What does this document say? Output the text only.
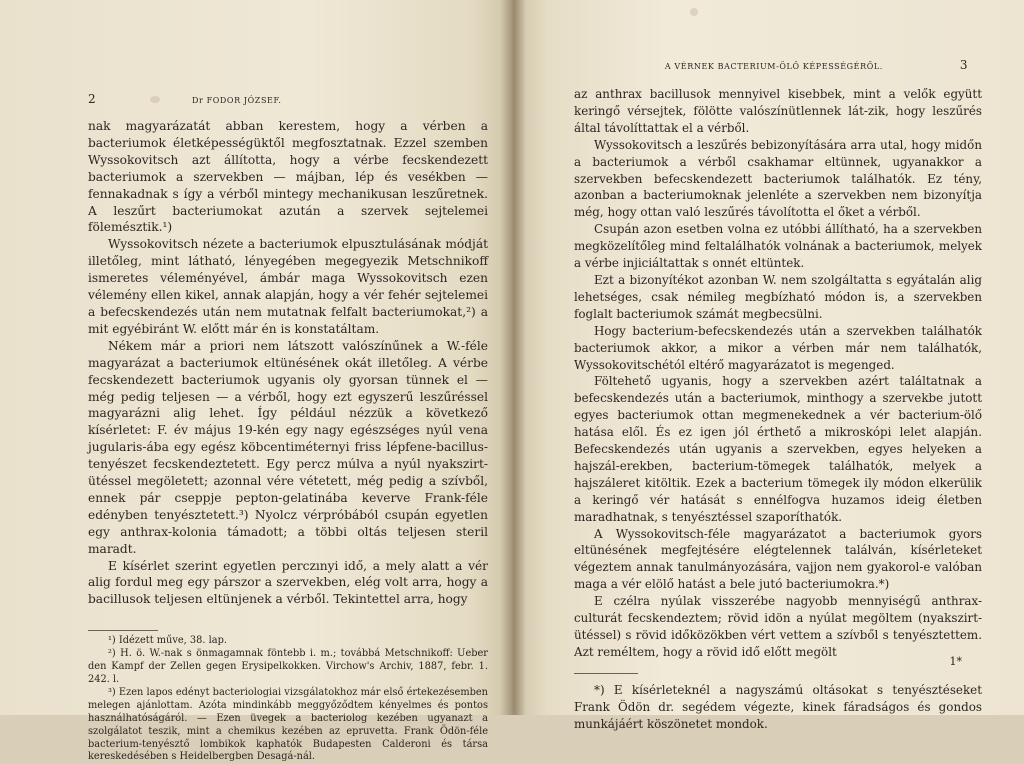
2	Dr FODOR JÓZSEF.

nak magyarázatát abban kerestem, hogy a vérben a bacteriumok életképességüktől megfosztatnak. Ezzel szemben Wyssokovitsch azt állította, hogy a vérbe fecskendezett bacteriumok a szervekben — májban, lép és vesékben — fennakadnak s így a vérből mintegy mechanikusan leszűretnek. A leszűrt bacteriumokat azután a szervek sejtelemei fölemésztik.¹)

Wyssokovitsch nézete a bacteriumok elpusztulásának módját illetőleg, mint látható, lényegében megegyezik Metschnikoff ismeretes véleményével, ámbár maga Wyssokovitsch ezen vélemény ellen kikel, annak alapján, hogy a vér fehér sejtelemei a befecskendezés után nem mutatnak felfalt bacteriumokat,²) a mit egyébiránt W. előtt már én is konstatáltam.

Nékem már a priori nem látszott valószínűnek a W.-féle magyarázat a bacteriumok eltünésének okát illetőleg. A vérbe fecskendezett bacteriumok ugyanis oly gyorsan tünnek el — még pedig teljesen — a vérből, hogy ezt egyszerű leszűréssel magyarázni alig lehet. Így például nézzük a következő kísérletet: F. év május 19-kén egy nagy egészséges nyúl vena jugularis-ába egy egész köbcentiméternyi friss lépfene-bacillus-tenyészet fecskendeztetett. Egy percz múlva a nyúl nyakszirt-ütéssel megöletett; azonnal vére vétetett, még pedig a szívből, ennek pár cseppje pepton-gelatinába keverve Frank-féle edényben tenyésztetett.³) Nyolcz vérpróbából csupán egyetlen egy anthrax-kolonia támadott; a többi oltás teljesen steril maradt.

E kísérlet szerint egyetlen perczınyi idő, a mely alatt a vér alig fordul meg egy párszor a szervekben, elég volt arra, hogy a bacillusok teljesen eltünjenek a vérből. Tekintettel arra, hogy

¹) Idézett műve, 38. lap.

²) H. ö. W.-nak s önmagamnak föntebb i. m.; továbbá Metschnikoff: Ueber den Kampf der Zellen gegen Erysipelkokken. Virchow's Archiv, 1887, febr. 1. 242. l.

³) Ezen lapos edényt bacteriologiai vizsgálatokhoz már első értekezésemben melegen ajánlottam. Azóta mindinkább meggyőződtem kényelmes és pontos használhatóságáról. — Ezen üvegek a bacteriolog kezében ugyanazt a szolgálatot teszik, mint a chemikus kezében az epruvetta. Frank Ödön-féle bacterium-tenyésztő lombikok kaphatók Budapesten Calderoni és társa kereskedésében s Heidelbergben Desagá-nál.

A VÉRNEK BACTERIUM-ÖLŐ KÉPESSÉGÉRŐL.	3

az anthrax bacillusok mennyivel kisebbek, mint a velők együtt keringő vérsejtek, fölötte valószínütlennek lát-zik, hogy leszűrés által távolíttattak el a vérből.

Wyssokovitsch a leszűrés bebizonyítására arra utal, hogy midőn a bacteriumok a vérből csakhamar eltünnek, ugyanakkor a szervekben befecskendezett bacteriumok találhatók. Ez tény, azonban a bacteriumoknak jelenléte a szervekben nem bizonyítja még, hogy ottan való leszűrés távolította el őket a vérből.

Csupán azon esetben volna ez utóbbi állítható, ha a szervekben megközelítőleg mind feltalálhatók volnának a bacteriumok, melyek a vérbe injiciáltattak s onnét eltüntek.

Ezt a bizonyítékot azonban W. nem szolgáltatta s egyátalán alig lehetséges, csak némileg megbízható módon is, a szervekben foglalt bacteriumok számát megbecsülni.

Hogy bacterium-befecskendezés után a szervekben találhatók bacteriumok akkor, a mikor a vérben már nem találhatók, Wyssokovitschétól eltérő magyarázatot is megenged.

Föltehető ugyanis, hogy a szervekben azért találtatnak a befecskendezés után a bacteriumok, minthogy a szervekbe jutott egyes bacteriumok ottan megmenekednek a vér bacterium-ölő hatása elől. És ez igen jól érthető a mikroskópi lelet alapján. Befecskendezés után ugyanis a szervekben, egyes helyeken a hajszál-erekben, bacterium-tömegek találhatók, melyek a hajszáleret kitöltik. Ezek a bacterium tömegek ily módon elkerülik a keringő vér hatását s ennélfogva huzamos ideig életben maradhatnak, s tenyésztéssel szaporíthatók.

A Wyssokovitsch-féle magyarázatot a bacteriumok gyors eltünésének megfejtésére elégtelennek találván, kísérleteket végeztem annak tanulmányozására, vajjon nem gyakorol-e valóban maga a vér elölő hatást a bele jutó bacteriumokra.*)

E czélra nyúlak visszerébe nagyobb mennyiségű anthrax-culturát fecskendeztem; rövid idön a nyúlat megöltem (nyakszirt-ütéssel) s rövid időközökben vért vettem a szívből s tenyésztettem. Azt reméltem, hogy a rövid idő előtt megölt

*) E kísérleteknél a nagyszámú oltásokat s tenyésztéseket Frank Ödön dr. segédem végezte, kinek fáradságos és gondos munkájáért köszönetet mondok.

1*
